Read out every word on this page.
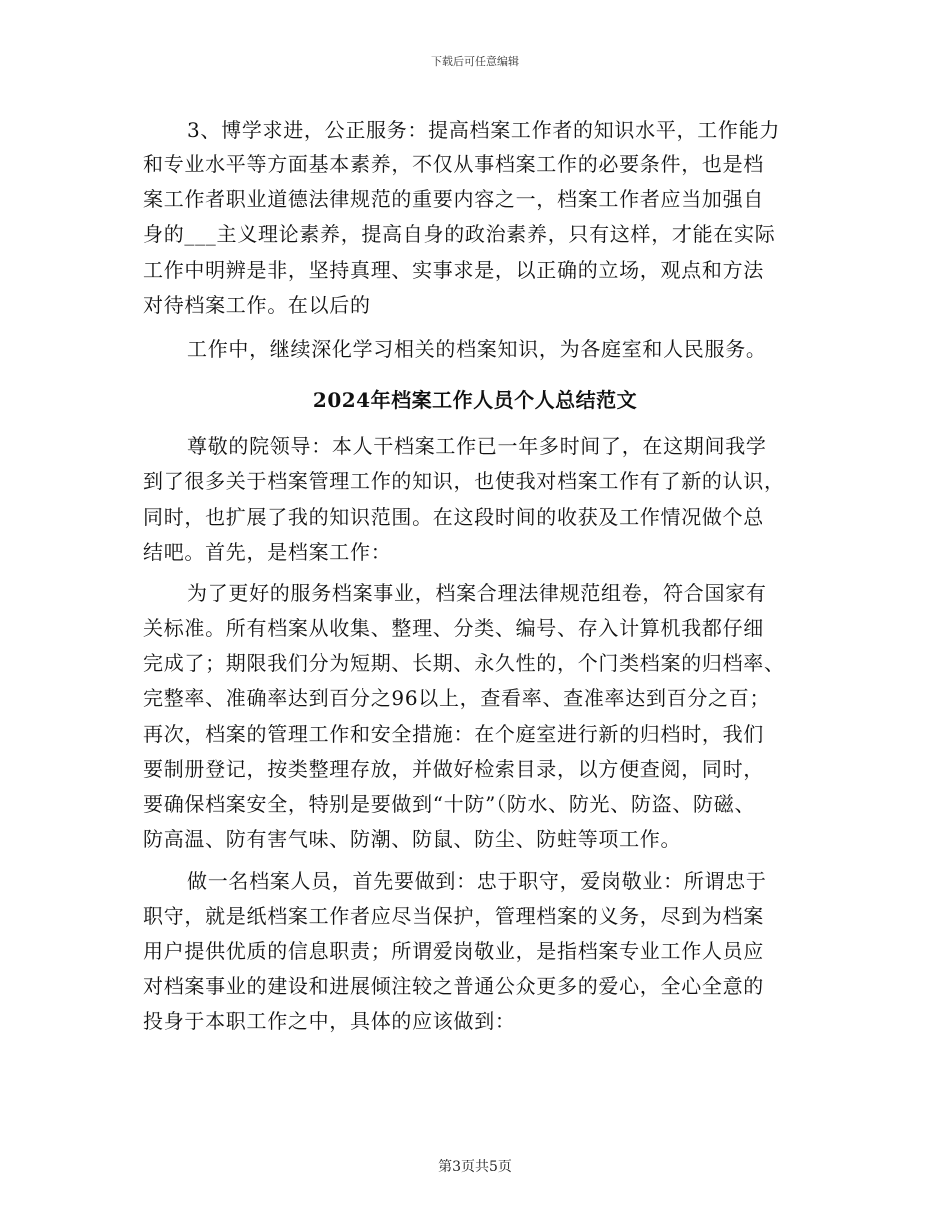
下载后可任意编辑
3、博学求进，公正服务：提高档案工作者的知识水平，工作能力
和专业水平等方面基本素养，不仅从事档案工作的必要条件，也是档
案工作者职业道德法律规范的重要内容之一，档案工作者应当加强自
身的___主义理论素养，提高自身的政治素养，只有这样，才能在实际
工作中明辨是非，坚持真理、实事求是，以正确的立场，观点和方法
对待档案工作。在以后的
工作中，继续深化学习相关的档案知识，为各庭室和人民服务。
2024年档案工作人员个人总结范文
尊敬的院领导：本人干档案工作已一年多时间了，在这期间我学
到了很多关于档案管理工作的知识，也使我对档案工作有了新的认识，
同时，也扩展了我的知识范围。在这段时间的收获及工作情况做个总
结吧。首先，是档案工作：
为了更好的服务档案事业，档案合理法律规范组卷，符合国家有
关标准。所有档案从收集、整理、分类、编号、存入计算机我都仔细
完成了；期限我们分为短期、长期、永久性的，个门类档案的归档率、
完整率、准确率达到百分之96以上，查看率、查准率达到百分之百；
再次，档案的管理工作和安全措施：在个庭室进行新的归档时，我们
要制册登记，按类整理存放，并做好检索目录，以方便查阅，同时，
要确保档案安全，特别是要做到“十防”（防水、防光、防盗、防磁、
防高温、防有害气味、防潮、防鼠、防尘、防蛀等项工作。
做一名档案人员，首先要做到：忠于职守，爱岗敬业：所谓忠于
职守，就是纸档案工作者应尽当保护，管理档案的义务，尽到为档案
用户提供优质的信息职责；所谓爱岗敬业，是指档案专业工作人员应
对档案事业的建设和进展倾注较之普通公众更多的爱心，全心全意的
投身于本职工作之中，具体的应该做到：
第3页共5页
